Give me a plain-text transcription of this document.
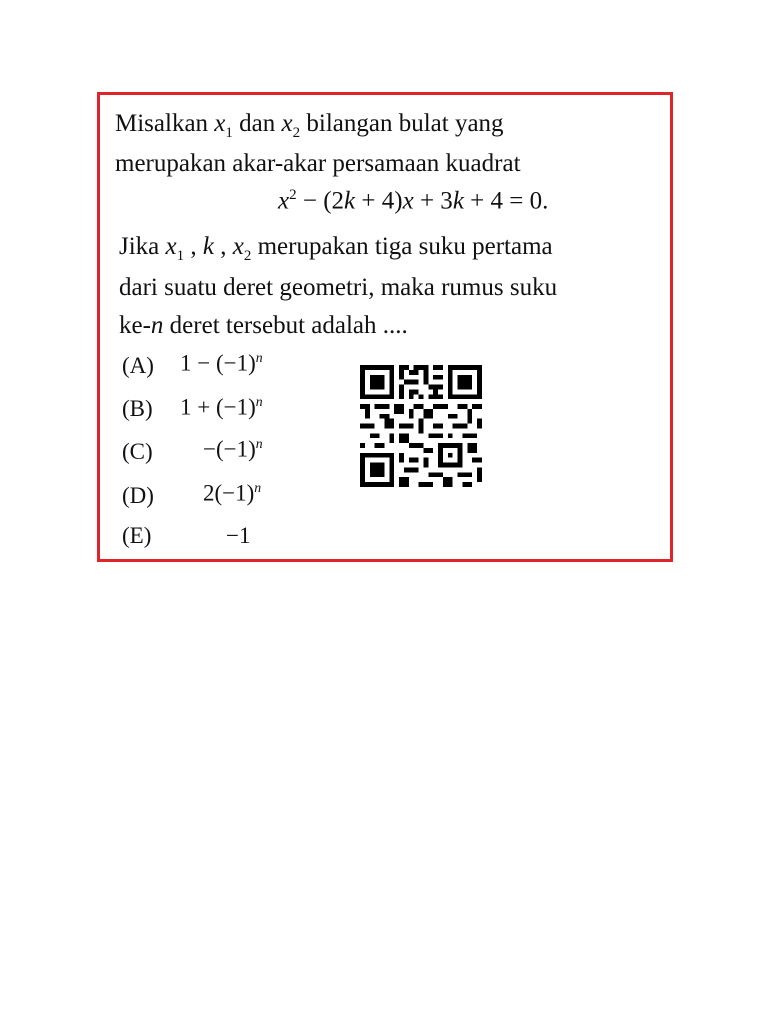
Misalkan $x_1$ dan $x_2$ bilangan bulat yang
merupakan akar-akar persamaan kuadrat
$x^2 - (2k + 4)x + 3k + 4 = 0$.
Jika $x_1$ , k , $x_2$ merupakan tiga suku pertama
dari suatu deret geometri, maka rumus suku
ke-n deret tersebut adalah ....
(A) $1 - (-1)^n$
(B) $1 + (-1)^n$
$(C) -(-1)^n$
(D) $2(-1)^n$
(E)	−1
